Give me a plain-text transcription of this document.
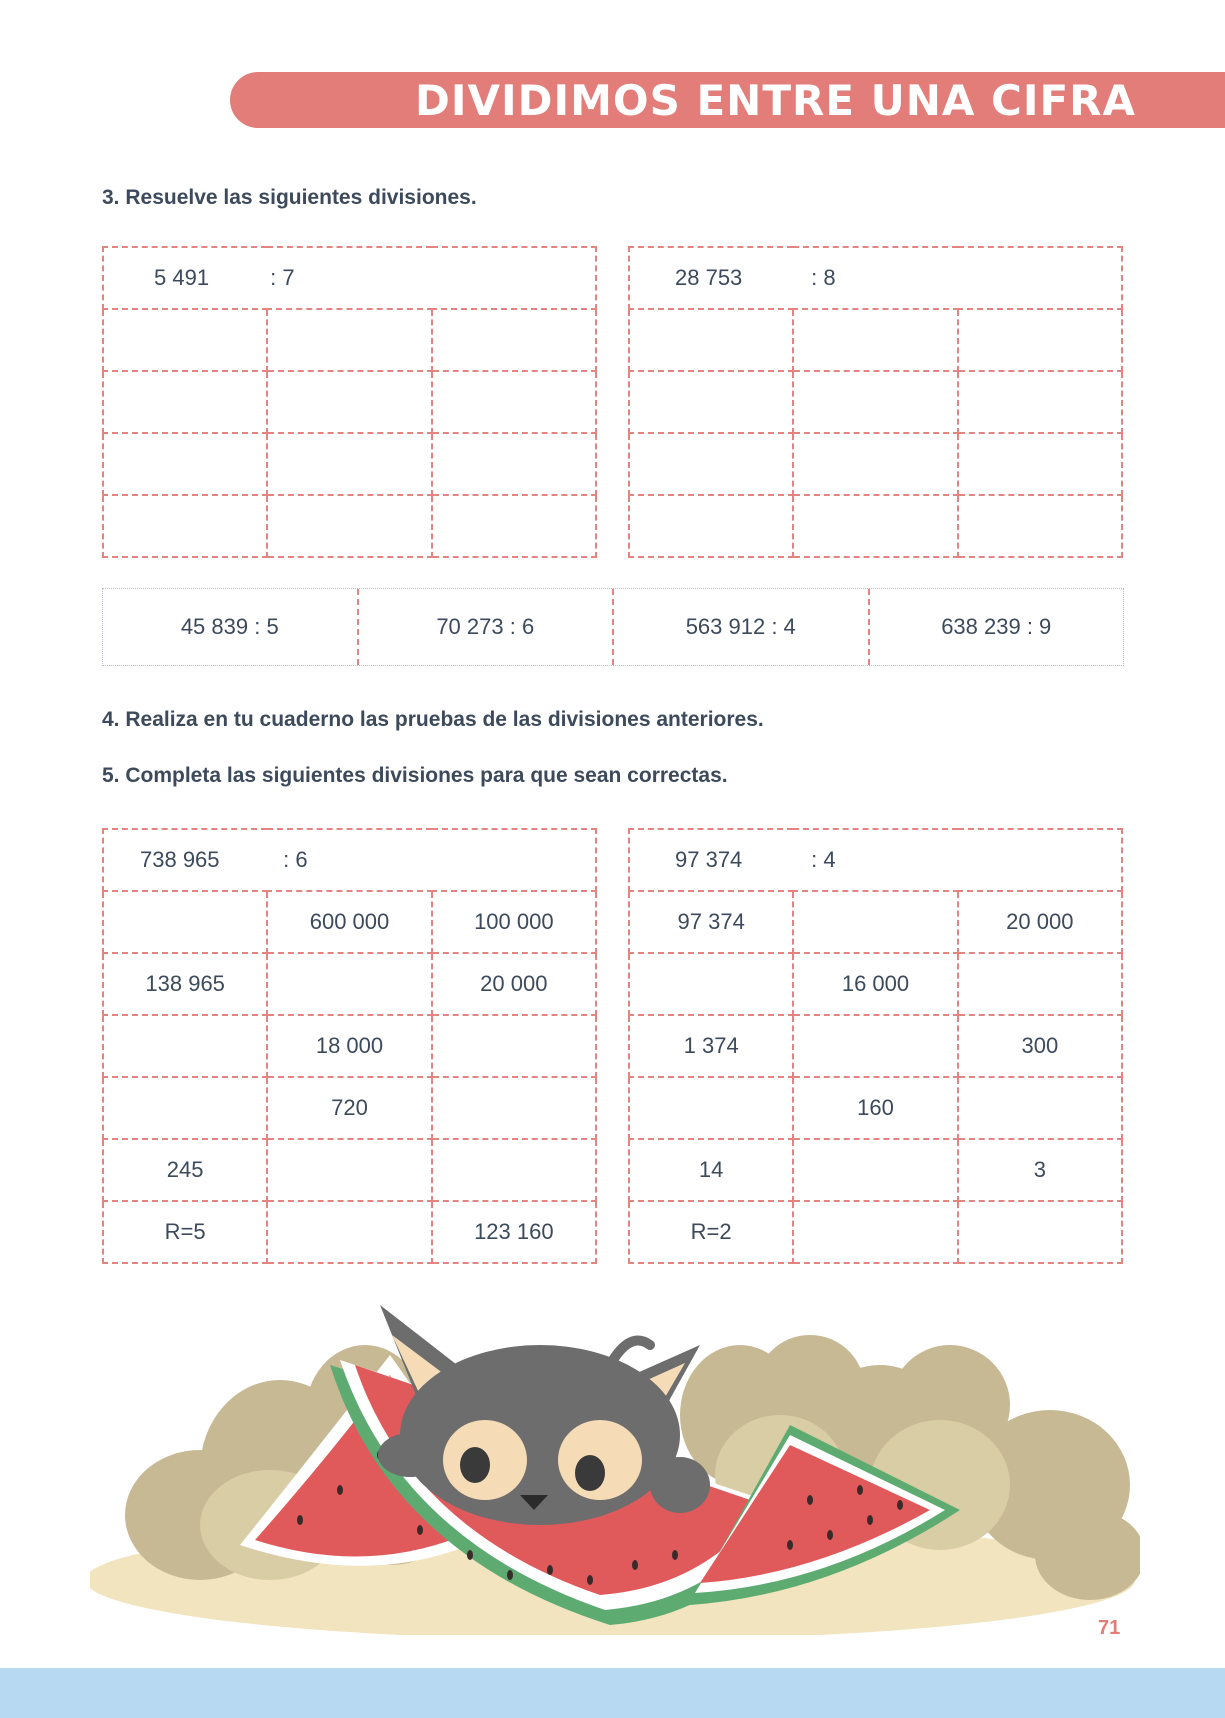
DIVIDIMOS ENTRE UNA CIFRA
3. Resuelve las siguientes divisiones.
5 491 : 7		

			28 753 : 8		

45 839 : 5	70 273 : 6	563 912 : 4	638 239 : 9
4. Realiza en tu cuaderno las pruebas de las divisiones anteriores.
5. Completa las siguientes divisiones para que sean correctas.
738 965 : 6		
	600 000	100 000
138 965		20 000
	18 000	
	720	
245		
R=5		123 160
97 374 : 4		
97 374		20 000
	16 000	
1 374		300
	160	
14		3
R=2		
71
